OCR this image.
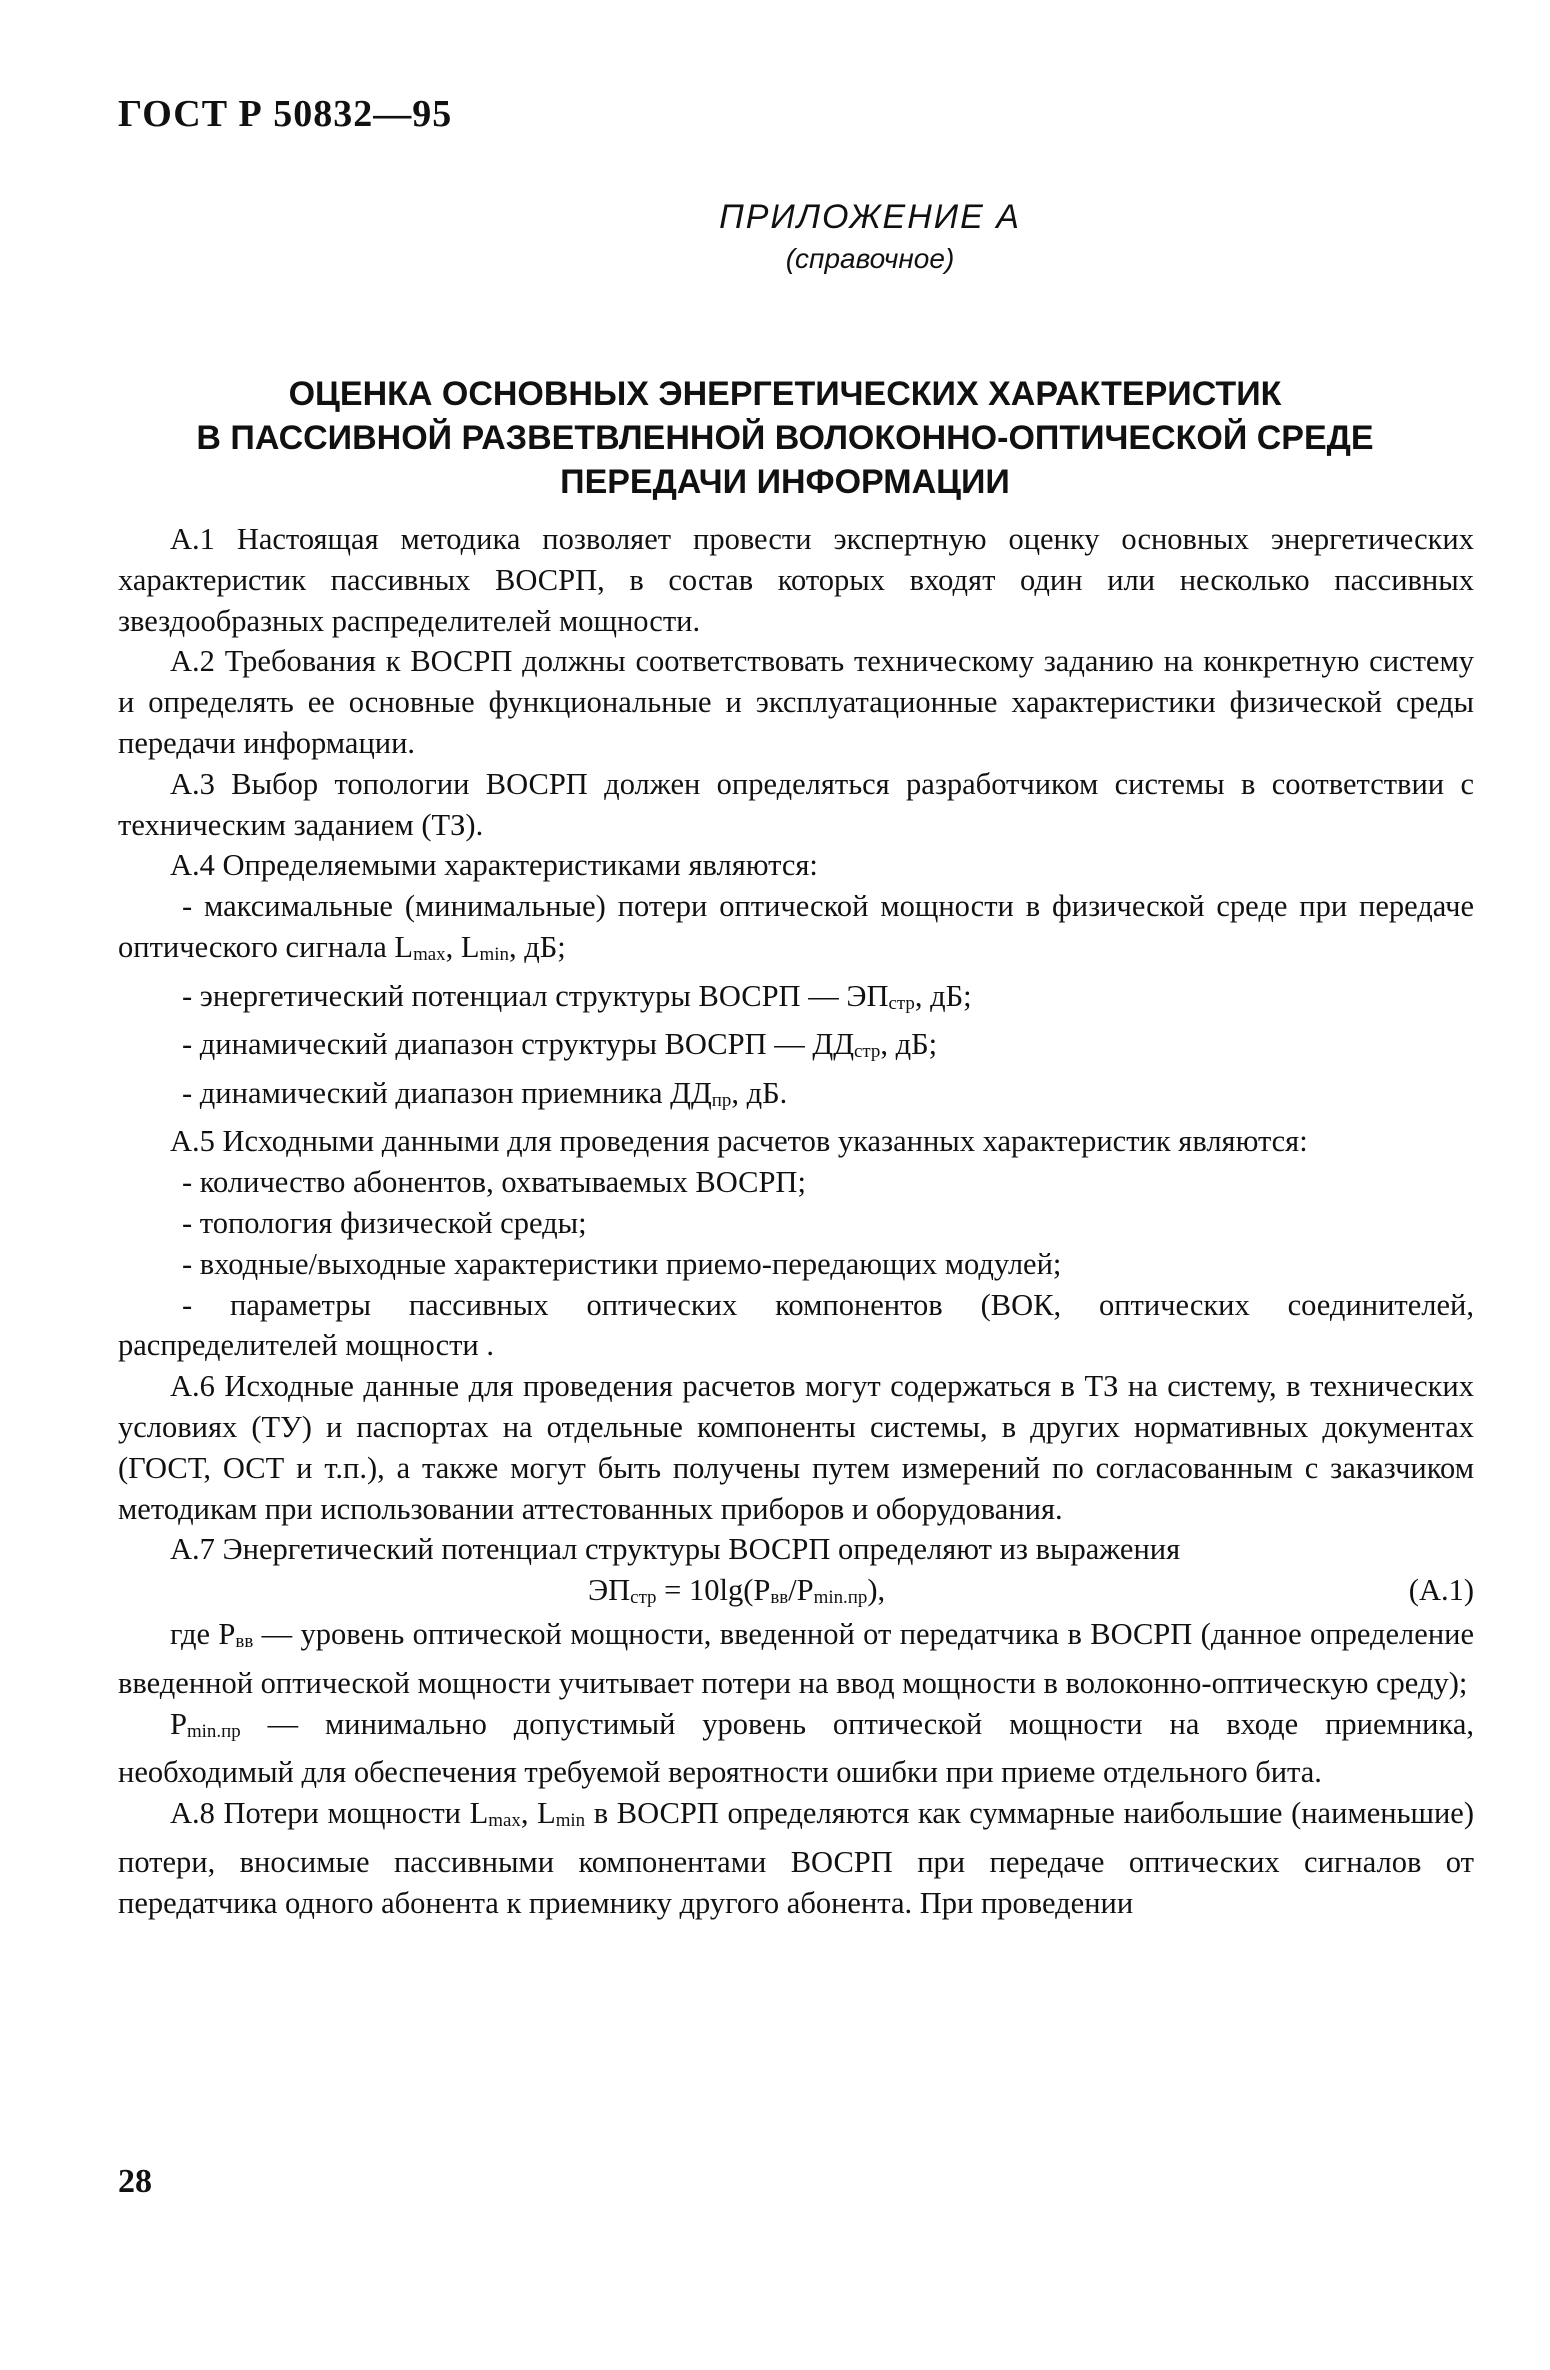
ГОСТ Р 50832—95
ПРИЛОЖЕНИЕ А
(справочное)
ОЦЕНКА ОСНОВНЫХ ЭНЕРГЕТИЧЕСКИХ ХАРАКТЕРИСТИК
В ПАССИВНОЙ РАЗВЕТВЛЕННОЙ ВОЛОКОННО-ОПТИЧЕСКОЙ СРЕДЕ
ПЕРЕДАЧИ ИНФОРМАЦИИ

А.1 Настоящая методика позволяет провести экспертную оценку основных энергетических характеристик пассивных ВОСРП, в состав которых входят один или несколько пассивных звездообразных распределителей мощности.

А.2 Требования к ВОСРП должны соответствовать техническому заданию на конкретную систему и определять ее основные функциональные и эксплуатационные характеристики физической среды передачи информации.

А.3 Выбор топологии ВОСРП должен определяться разработчиком системы в соответствии с техническим заданием (ТЗ).

А.4 Определяемыми характеристиками являются:

- максимальные (минимальные) потери оптической мощности в физической среде при передаче оптического сигнала Lmax, Lmin, дБ;

- энергетический потенциал структуры ВОСРП — ЭПстр, дБ;

- динамический диапазон структуры ВОСРП — ДДстр, дБ;

- динамический диапазон приемника ДДпр, дБ.

А.5 Исходными данными для проведения расчетов указанных характеристик являются:

- количество абонентов, охватываемых ВОСРП;

- топология физической среды;

- входные/выходные характеристики приемо-передающих модулей;

- параметры пассивных оптических компонентов (ВОК, оптических соединителей, распределителей мощности .

А.6 Исходные данные для проведения расчетов могут содержаться в ТЗ на систему, в технических условиях (ТУ) и паспортах на отдельные компоненты системы, в других нормативных документах (ГОСТ, ОСТ и т.п.), а также могут быть получены путем измерений по согласованным с заказчиком методикам при использовании аттестованных приборов и оборудования.

А.7 Энергетический потенциал структуры ВОСРП определяют из выражения

ЭПстр = 10lg(Pвв/Pmin.пр),	(А.1)

где Pвв — уровень оптической мощности, введенной от передатчика в ВОСРП (данное определение введенной оптической мощности учитывает потери на ввод мощности в волоконно-оптическую среду);

Pmin.пр — минимально допустимый уровень оптической мощности на входе приемника, необходимый для обеспечения требуемой вероятности ошибки при приеме отдельного бита.

А.8 Потери мощности Lmax, Lmin в ВОСРП определяются как суммарные наибольшие (наименьшие) потери, вносимые пассивными компонентами ВОСРП при передаче оптических сигналов от передатчика одного абонента к приемнику другого абонента. При проведении

28
